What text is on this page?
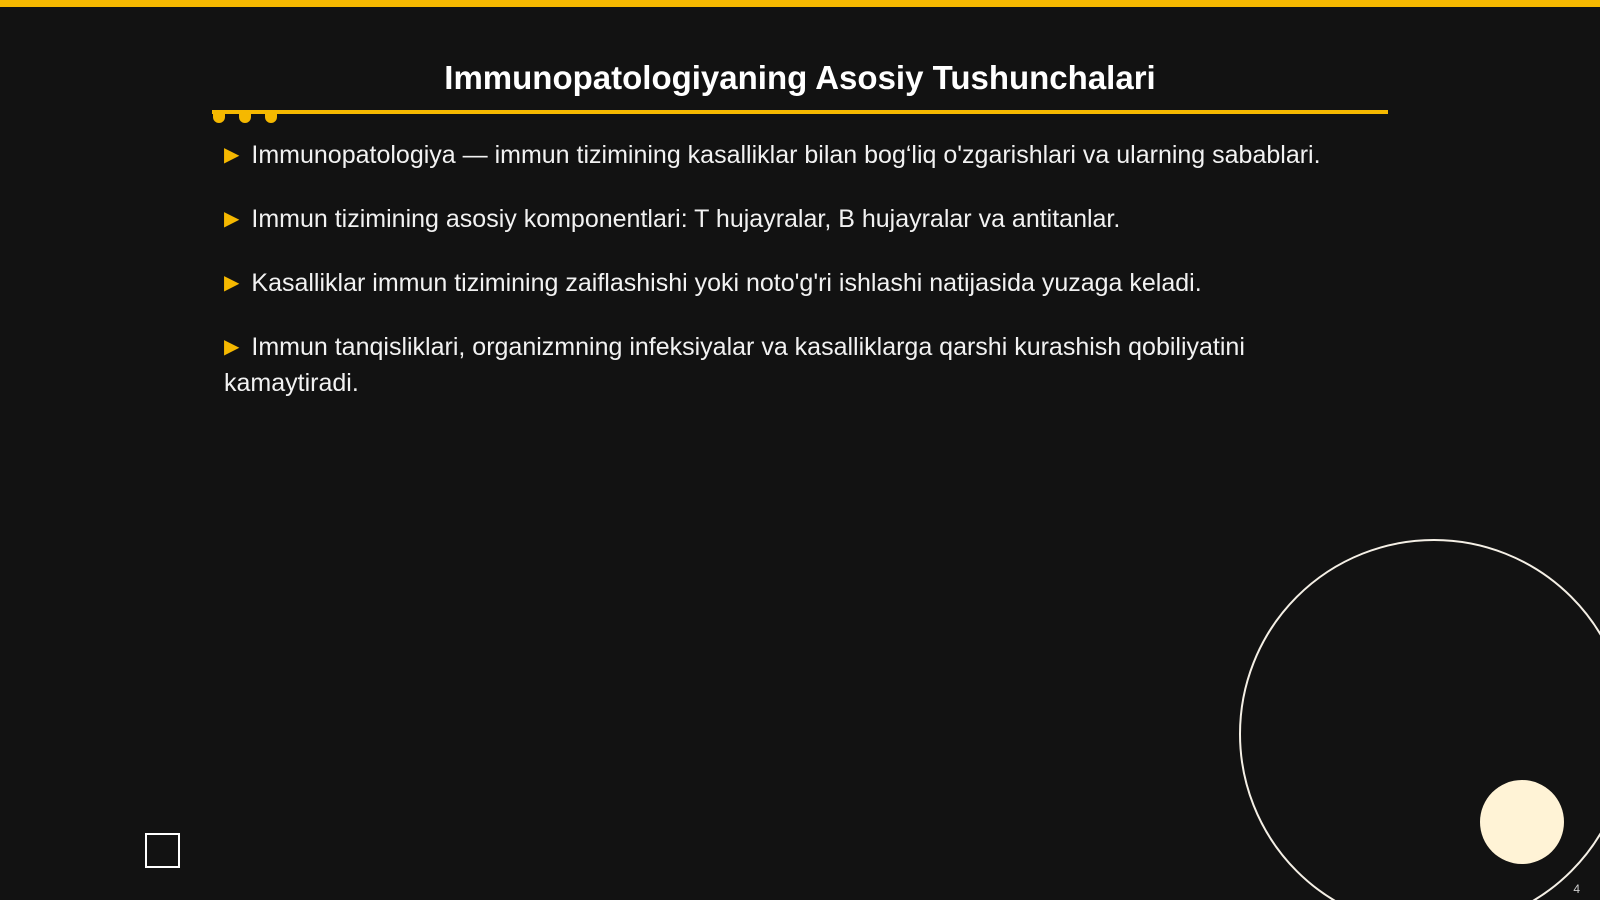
Immunopatologiyaning Asosiy Tushunchalari
▶ Immunopatologiya — immun tizimining kasalliklar bilan bog‘liq o'zgarishlari va ularning sabablari.
▶ Immun tizimining asosiy komponentlari: T hujayralar, B hujayralar va antitanlar.
▶ Kasalliklar immun tizimining zaiflashishi yoki noto'g'ri ishlashi natijasida yuzaga keladi.
▶ Immun tanqisliklari, organizmning infeksiyalar va kasalliklarga qarshi kurashish qobiliyatini kamaytiradi.
4
